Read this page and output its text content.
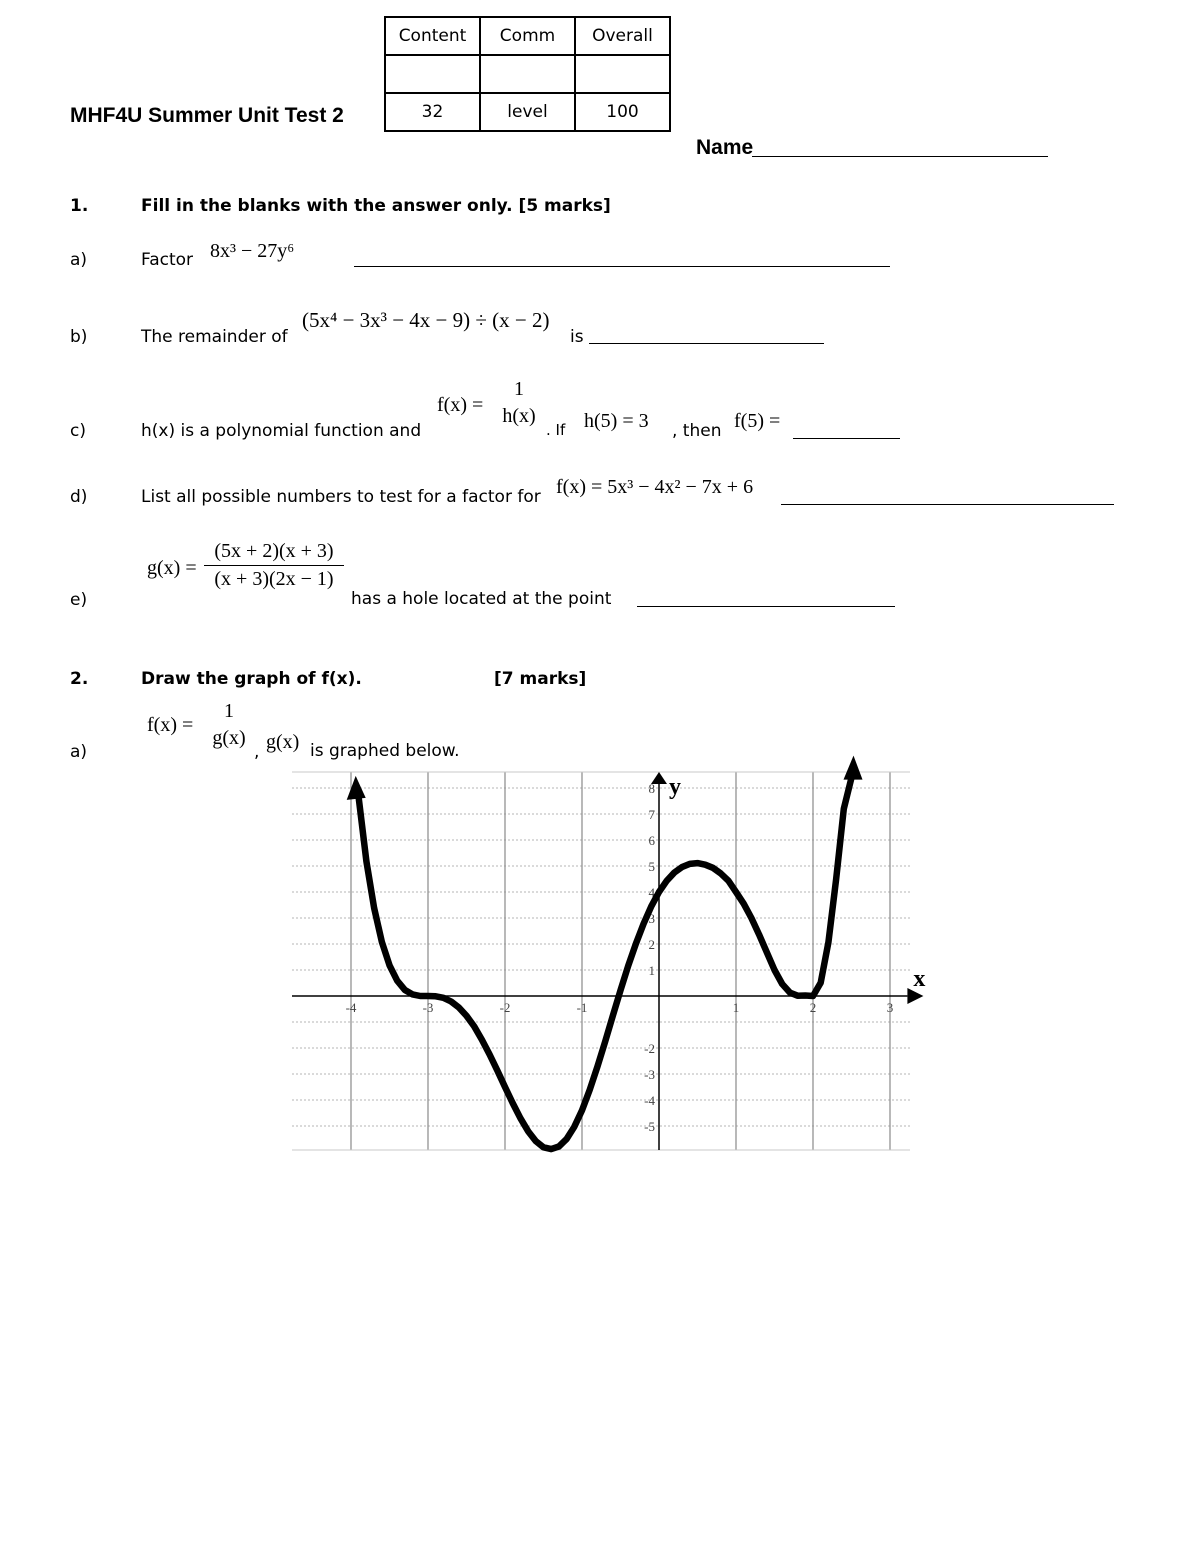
MHF4U Summer Unit Test 2
Content	Comm	Overall

32	level	100
Name
1.	Fill in the blanks with the answer only. [5 marks]
a)	Factor 8x³ − 27y⁶
b)	The remainder of
(5x⁴ − 3x³ − 4x − 9) ÷ (x − 2)
is
c)	h(x) is a polynomial function and
f(x) =
1
h(x)
. If h(5) = 3 , then f(5) =
d)	List all possible numbers to test for a factor for f(x) = 5x³ − 4x² − 7x + 6
e)
$g(x) = \frac{(5x + 2)(x + 3)}{(x + 3)(2x - 1)}$
has a hole located at the point
2.	Draw the graph of f(x).	[7 marks]
a)
f(x) =
1
g(x)
, g(x) is graphed below.
x
y
-4	-3	-2	-1	1	2	3
8
7
6
5
4
3
2
1
-2
-3
-4
-5
